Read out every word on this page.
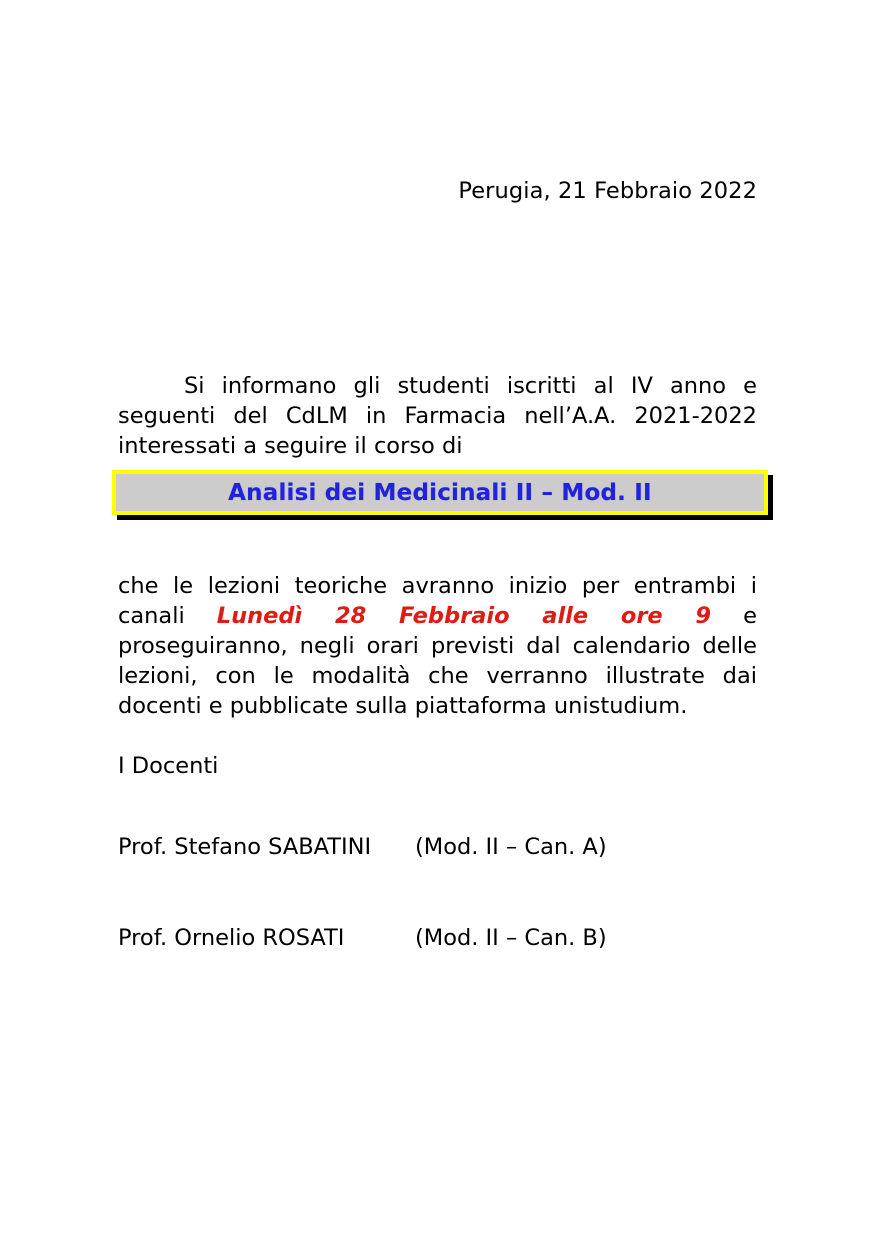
Perugia, 21 Febbraio 2022

Si informano gli studenti iscritti al IV anno e seguenti del CdLM in Farmacia nell’A.A. 2021-2022 interessati a seguire il corso di

Analisi dei Medicinali II – Mod. II

che le lezioni teoriche avranno inizio per entrambi i canali Lunedì 28 Febbraio alle ore 9 e proseguiranno, negli orari previsti dal calendario delle lezioni, con le modalità che verranno illustrate dai docenti e pubblicate sulla piattaforma unistudium.

I Docenti
Prof. Stefano SABATINI (Mod. II – Can. A)
Prof. Ornelio ROSATI	(Mod. II – Can. B)
